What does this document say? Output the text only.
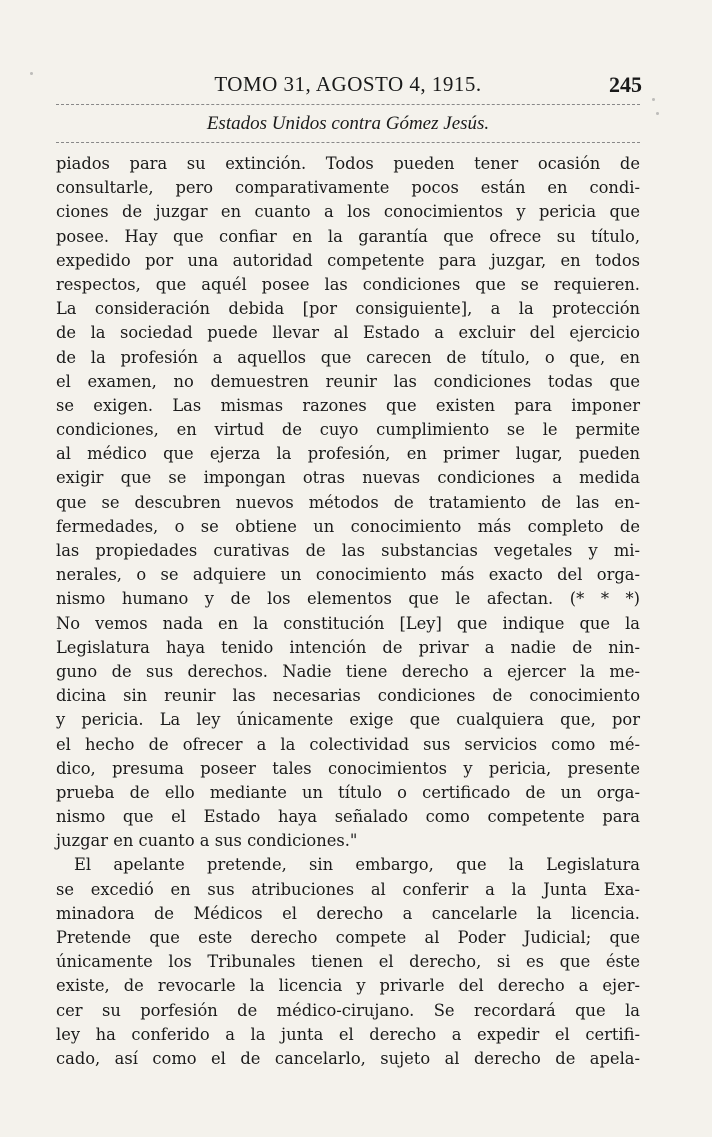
TOMO 31, AGOSTO 4, 1915.	245
Estados Unidos contra Gómez Jesús.
piados para su extinción. Todos pueden tener ocasión de
consultarle, pero comparativamente pocos están en condi-
ciones de juzgar en cuanto a los conocimientos y pericia que
posee. Hay que confiar en la garantía que ofrece su título,
expedido por una autoridad competente para juzgar, en todos
respectos, que aquél posee las condiciones que se requieren.
La consideración debida [por consiguiente], a la protección
de la sociedad puede llevar al Estado a excluir del ejercicio
de la profesión a aquellos que carecen de título, o que, en
el examen, no demuestren reunir las condiciones todas que
se exigen. Las mismas razones que existen para imponer
condiciones, en virtud de cuyo cumplimiento se le permite
al médico que ejerza la profesión, en primer lugar, pueden
exigir que se impongan otras nuevas condiciones a medida
que se descubren nuevos métodos de tratamiento de las en-
fermedades, o se obtiene un conocimiento más completo de
las propiedades curativas de las substancias vegetales y mi-
nerales, o se adquiere un conocimiento más exacto del orga-
nismo humano y de los elementos que le afectan. (* * *)
No vemos nada en la constitución [Ley] que indique que la
Legislatura haya tenido intención de privar a nadie de nin-
guno de sus derechos. Nadie tiene derecho a ejercer la me-
dicina sin reunir las necesarias condiciones de conocimiento
y pericia. La ley únicamente exige que cualquiera que, por
el hecho de ofrecer a la colectividad sus servicios como mé-
dico, presuma poseer tales conocimientos y pericia, presente
prueba de ello mediante un título o certificado de un orga-
nismo que el Estado haya señalado como competente para
juzgar en cuanto a sus condiciones."
El apelante pretende, sin embargo, que la Legislatura
se excedió en sus atribuciones al conferir a la Junta Exa-
minadora de Médicos el derecho a cancelarle la licencia.
Pretende que este derecho compete al Poder Judicial; que
únicamente los Tribunales tienen el derecho, si es que éste
existe, de revocarle la licencia y privarle del derecho a ejer-
cer su porfesión de médico-cirujano. Se recordará que la
ley ha conferido a la junta el derecho a expedir el certifi-
cado, así como el de cancelarlo, sujeto al derecho de apela-
